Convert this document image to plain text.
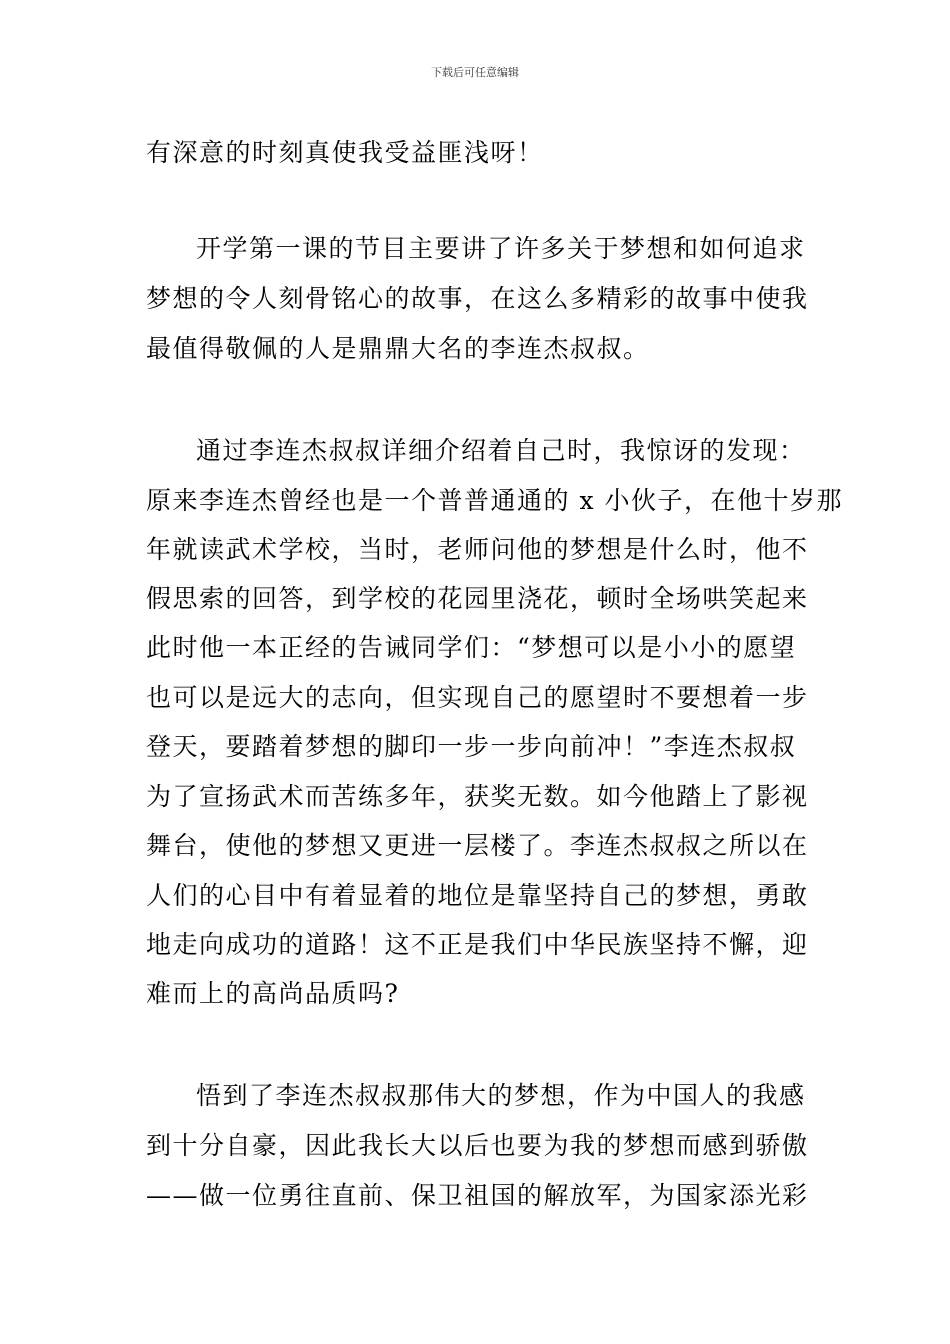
下载后可任意编辑
有深意的时刻真使我受益匪浅呀！
开学第一课的节目主要讲了许多关于梦想和如何追求
梦想的令人刻骨铭心的故事，在这么多精彩的故事中使我
最值得敬佩的人是鼎鼎大名的李连杰叔叔。
通过李连杰叔叔详细介绍着自己时，我惊讶的发现：
原来李连杰曾经也是一个普普通通的 x 小伙子，在他十岁那
年就读武术学校，当时，老师问他的梦想是什么时，他不
假思索的回答，到学校的花园里浇花，顿时全场哄笑起来
此时他一本正经的告诫同学们：“梦想可以是小小的愿望
也可以是远大的志向，但实现自己的愿望时不要想着一步
登天，要踏着梦想的脚印一步一步向前冲！”李连杰叔叔
为了宣扬武术而苦练多年，获奖无数。如今他踏上了影视
舞台，使他的梦想又更进一层楼了。李连杰叔叔之所以在
人们的心目中有着显着的地位是靠坚持自己的梦想，勇敢
地走向成功的道路！这不正是我们中华民族坚持不懈，迎
难而上的高尚品质吗?
悟到了李连杰叔叔那伟大的梦想，作为中国人的我感
到十分自豪，因此我长大以后也要为我的梦想而感到骄傲
——做一位勇往直前、保卫祖国的解放军，为国家添光彩
